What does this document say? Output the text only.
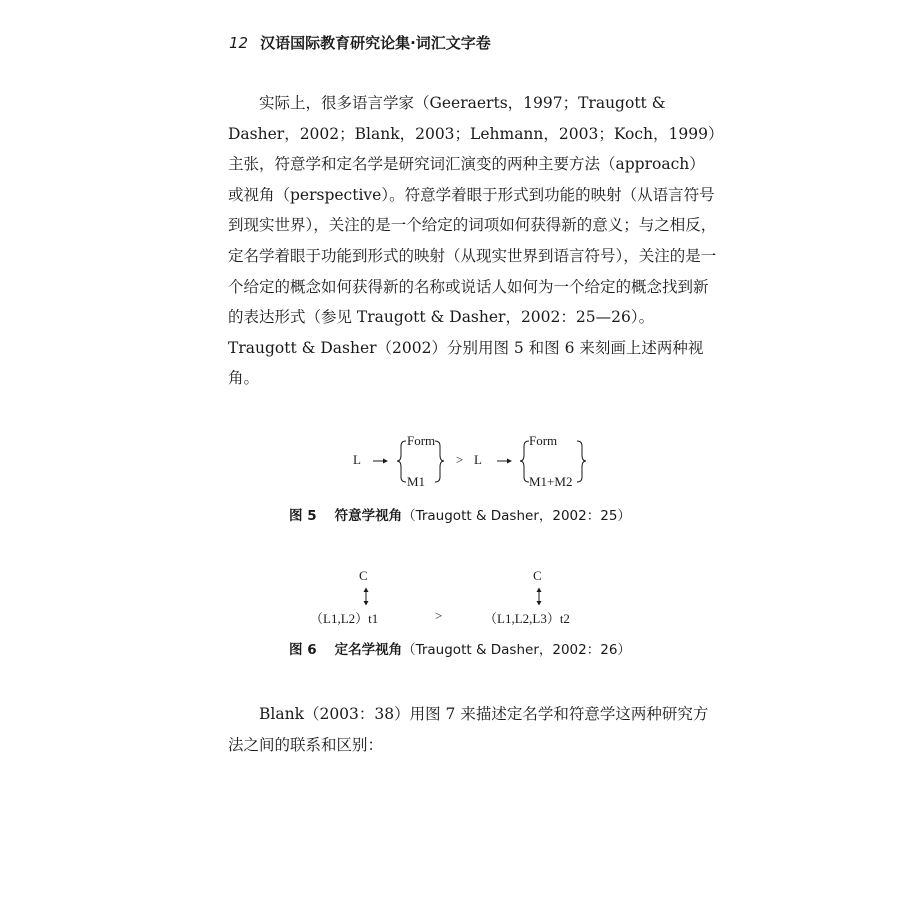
12 汉语国际教育研究论集·词汇文字卷

实际上，很多语言学家（Geeraerts，1997；Traugott & Dasher，2002；Blank，2003；Lehmann，2003；Koch，1999）主张，符意学和定名学是研究词汇演变的两种主要方法（approach）或视角（perspective）。符意学着眼于形式到功能的映射（从语言符号到现实世界），关注的是一个给定的词项如何获得新的意义；与之相反，定名学着眼于功能到形式的映射（从现实世界到语言符号），关注的是一个给定的概念如何获得新的名称或说话人如何为一个给定的概念找到新的表达形式（参见 Traugott & Dasher，2002：25—26）。Traugott & Dasher（2002）分别用图 5 和图 6 来刻画上述两种视角。

L
Form
M1
> L
Form
M1+M2
图 5 符意学视角（Traugott & Dasher，2002：25）
C
（L1,L2）t1	>
C
（L1,L2,L3）t2
图 6 定名学视角（Traugott & Dasher，2002：26）

Blank（2003：38）用图 7 来描述定名学和符意学这两种研究方法之间的联系和区别：
